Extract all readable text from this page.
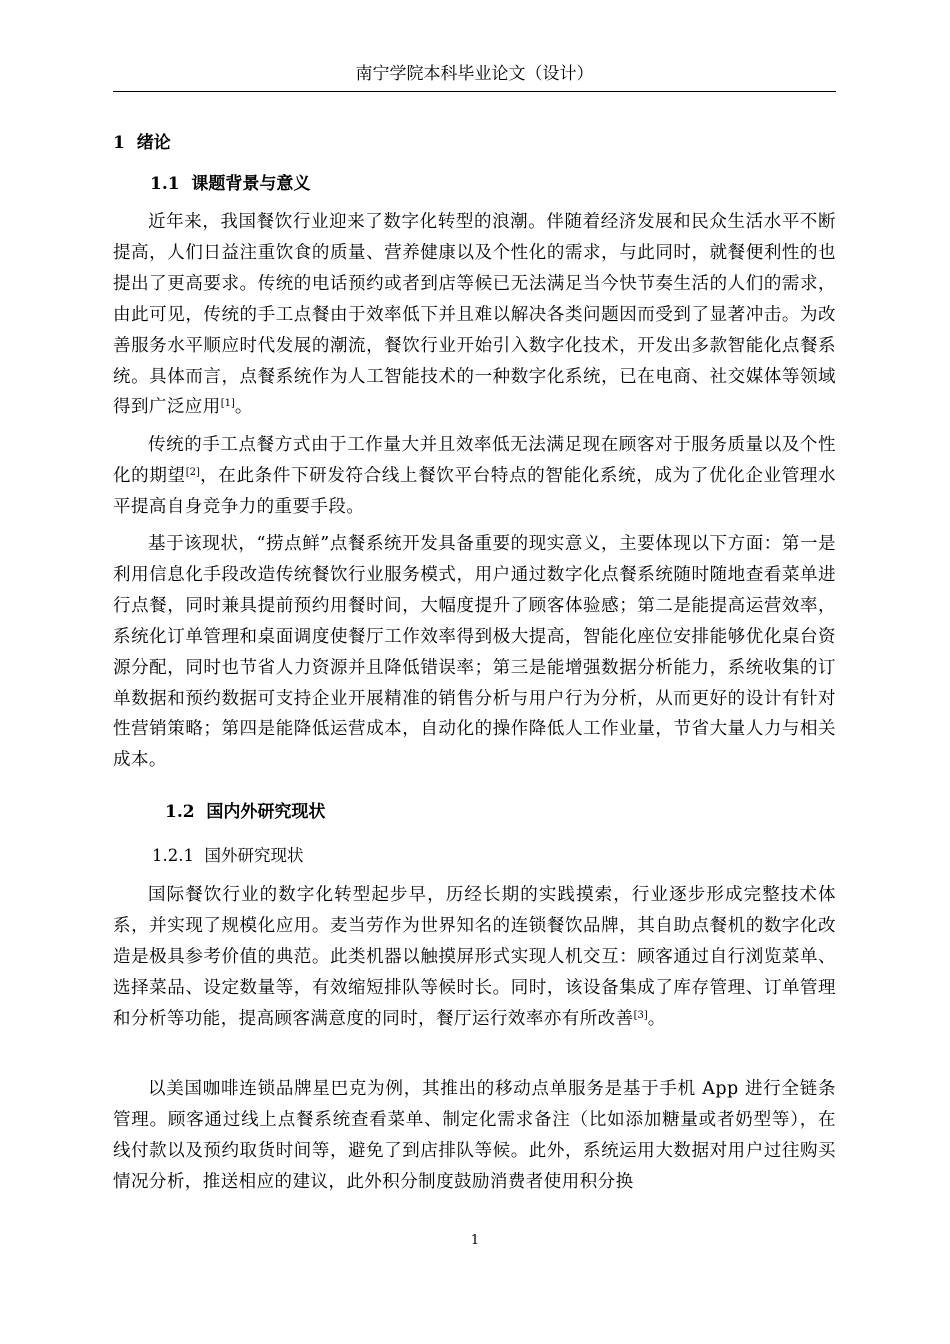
南宁学院本科毕业论文（设计）
1 绪论
1.1 课题背景与意义

近年来，我国餐饮行业迎来了数字化转型的浪潮。伴随着经济发展和民众生活水平不断提高，人们日益注重饮食的质量、营养健康以及个性化的需求，与此同时，就餐便利性的也提出了更高要求。传统的电话预约或者到店等候已无法满足当今快节奏生活的人们的需求，由此可见，传统的手工点餐由于效率低下并且难以解决各类问题因而受到了显著冲击。为改善服务水平顺应时代发展的潮流，餐饮行业开始引入数字化技术，开发出多款智能化点餐系统。具体而言，点餐系统作为人工智能技术的一种数字化系统，已在电商、社交媒体等领域得到广泛应用[1]。

传统的手工点餐方式由于工作量大并且效率低无法满足现在顾客对于服务质量以及个性化的期望[2]，在此条件下研发符合线上餐饮平台特点的智能化系统，成为了优化企业管理水平提高自身竞争力的重要手段。

基于该现状，“捞点鲜”点餐系统开发具备重要的现实意义，主要体现以下方面：第一是利用信息化手段改造传统餐饮行业服务模式，用户通过数字化点餐系统随时随地查看菜单进行点餐，同时兼具提前预约用餐时间，大幅度提升了顾客体验感；第二是能提高运营效率，系统化订单管理和桌面调度使餐厅工作效率得到极大提高，智能化座位安排能够优化桌台资源分配，同时也节省人力资源并且降低错误率；第三是能增强数据分析能力，系统收集的订单数据和预约数据可支持企业开展精准的销售分析与用户行为分析，从而更好的设计有针对性营销策略；第四是能降低运营成本，自动化的操作降低人工作业量，节省大量人力与相关成本。

1.2 国内外研究现状
1.2.1 国外研究现状

国际餐饮行业的数字化转型起步早，历经长期的实践摸索，行业逐步形成完整技术体系，并实现了规模化应用。麦当劳作为世界知名的连锁餐饮品牌，其自助点餐机的数字化改造是极具参考价值的典范。此类机器以触摸屏形式实现人机交互：顾客通过自行浏览菜单、选择菜品、设定数量等，有效缩短排队等候时长。同时，该设备集成了库存管理、订单管理和分析等功能，提高顾客满意度的同时，餐厅运行效率亦有所改善[3]。

以美国咖啡连锁品牌星巴克为例，其推出的移动点单服务是基于手机 App 进行全链条管理。顾客通过线上点餐系统查看菜单、制定化需求备注（比如添加糖量或者奶型等），在线付款以及预约取货时间等，避免了到店排队等候。此外，系统运用大数据对用户过往购买情况分析，推送相应的建议，此外积分制度鼓励消费者使用积分换

1
